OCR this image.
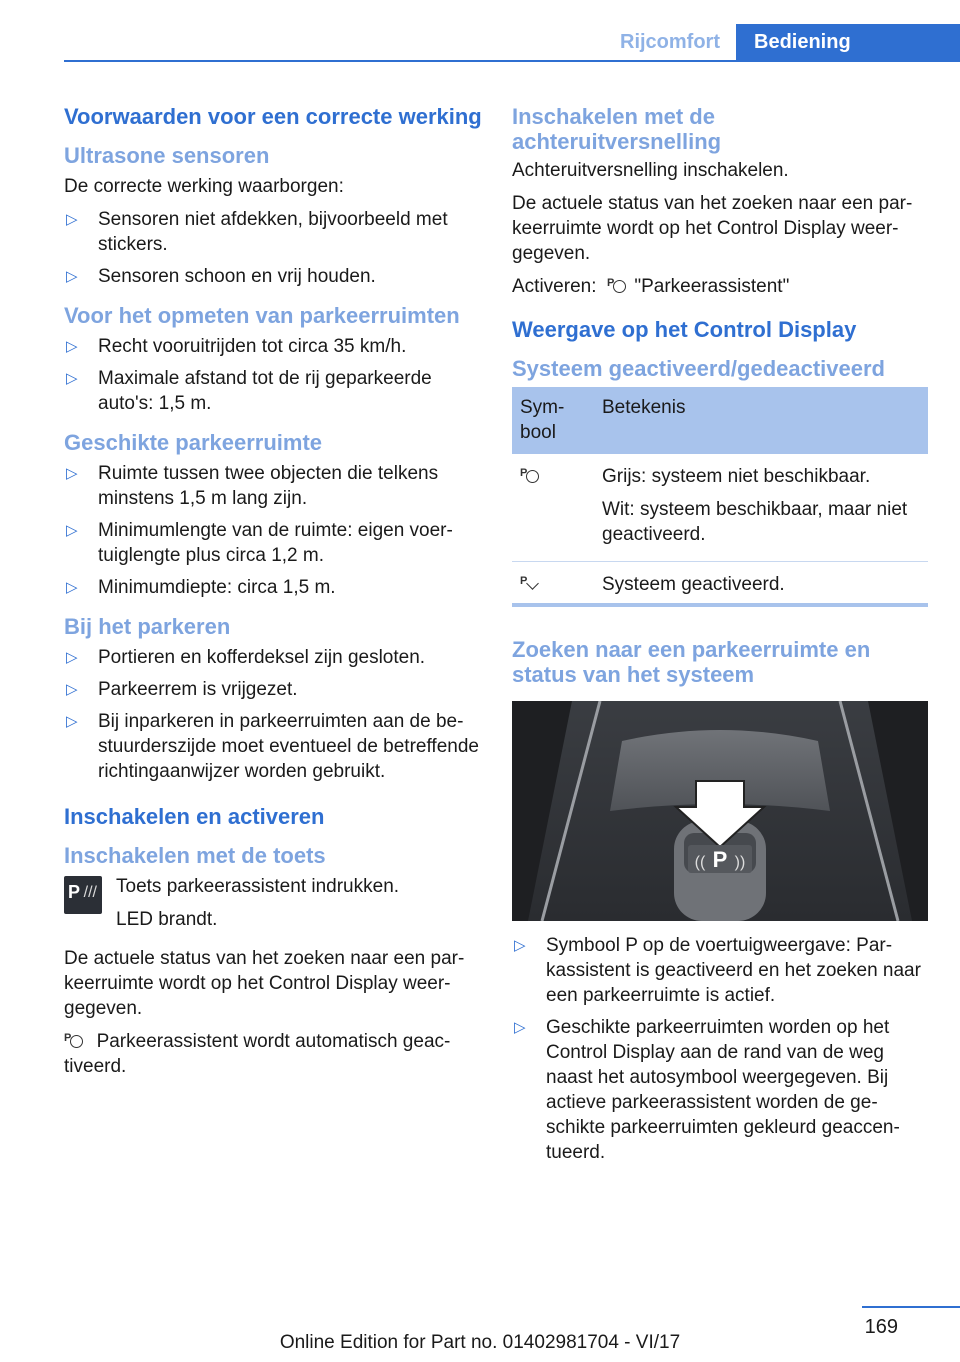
Rijcomfort	Bediening
Voorwaarden voor een correcte werking
Ultrasone sensoren

De correcte werking waarborgen:

▷ Sensoren niet afdekken, bijvoorbeeld met stickers.
▷ Sensoren schoon en vrij houden.
Voor het opmeten van parkeerruimten
▷ Recht vooruitrijden tot circa 35 km/h.
▷ Maximale afstand tot de rij geparkeerde auto's: 1,5 m.
Geschikte parkeerruimte
▷ Ruimte tussen twee objecten die telkens minstens 1,5 m lang zijn.
▷ Minimumlengte van de ruimte: eigen voertuiglengte plus circa 1,2 m.
▷ Minimumdiepte: circa 1,5 m.
Bij het parkeren
▷ Portieren en kofferdeksel zijn gesloten.
▷ Parkeerrem is vrijgezet.
▷ Bij inparkeren in parkeerruimten aan de bestuurderszijde moet eventueel de betreffende richtingaanwijzer worden gebruikt.
Inschakelen en activeren
Inschakelen met de toets
P /// Toets parkeerassistent indrukken.

LED brandt.

De actuele status van het zoeken naar een parkeerruimte wordt op het Control Display weergegeven.

P Parkeerassistent wordt automatisch geactiveerd.

Inschakelen met de achteruitversnelling

Achteruitversnelling inschakelen.

De actuele status van het zoeken naar een parkeerruimte wordt op het Control Display weergegeven.

Activeren: P "Parkeerassistent"

Weergave op het Control Display
Systeem geactiveerd/gedeactiveerd
Symbool	Betekenis

P	Grijs: systeem niet beschikbaar.

Wit: systeem beschikbaar, maar niet geactiveerd.

P	Systeem geactiveerd.
Zoeken naar een parkeerruimte en status van het systeem
P
(( ))
▷ Symbool P op de voertuigweergave: Parkassistent is geactiveerd en het zoeken naar een parkeerruimte is actief.
▷ Geschikte parkeerruimten worden op het Control Display aan de rand van de weg naast het autosymbool weergegeven. Bij actieve parkeerassistent worden de geschikte parkeerruimten gekleurd geaccentueerd.
169
Online Edition for Part no. 01402981704 - VI/17
